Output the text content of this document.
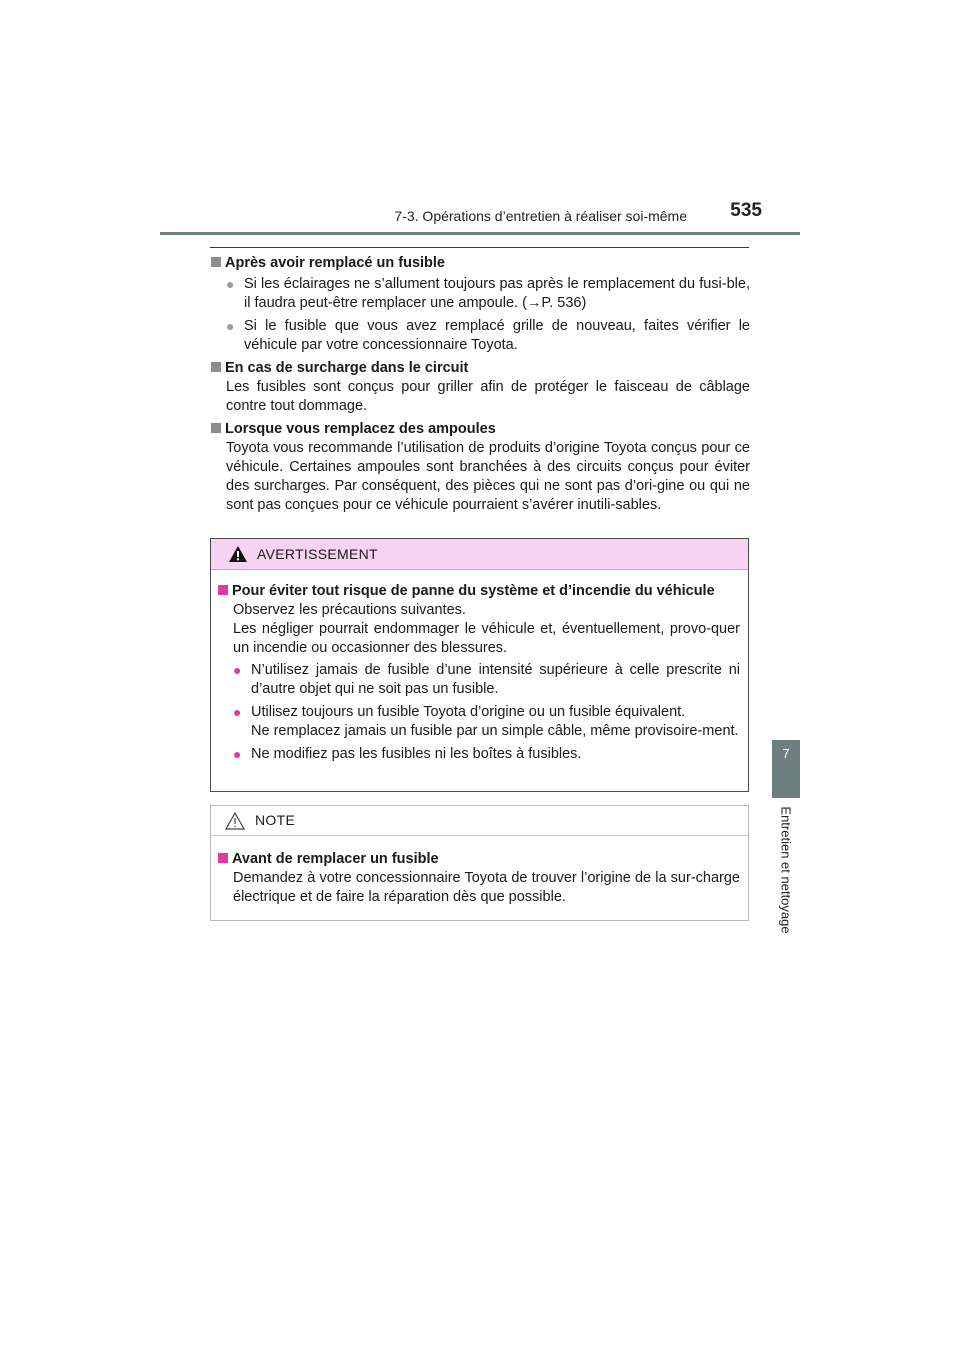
7-3. Opérations d’entretien à réaliser soi-même	535
7
Entretien et nettoyage
Après avoir remplacé un fusible
● Si les éclairages ne s’allument toujours pas après le remplacement du fusi-ble, il faudra peut-être remplacer une ampoule. (→P. 536)
● Si le fusible que vous avez remplacé grille de nouveau, faites vérifier le véhicule par votre concessionnaire Toyota.
En cas de surcharge dans le circuit
Les fusibles sont conçus pour griller afin de protéger le faisceau de câblage contre tout dommage.
Lorsque vous remplacez des ampoules
Toyota vous recommande l’utilisation de produits d’origine Toyota conçus pour ce véhicule. Certaines ampoules sont branchées à des circuits conçus pour éviter des surcharges. Par conséquent, des pièces qui ne sont pas d’ori-gine ou qui ne sont pas conçues pour ce véhicule pourraient s’avérer inutili-sables.
AVERTISSEMENT
Pour éviter tout risque de panne du système et d’incendie du véhicule
Observez les précautions suivantes.
Les négliger pourrait endommager le véhicule et, éventuellement, provo-quer un incendie ou occasionner des blessures.
● N’utilisez jamais de fusible d’une intensité supérieure à celle prescrite ni d’autre objet qui ne soit pas un fusible.
● Utilisez toujours un fusible Toyota d’origine ou un fusible équivalent.
Ne remplacez jamais un fusible par un simple câble, même provisoire-ment.
● Ne modifiez pas les fusibles ni les boîtes à fusibles.
NOTE
Avant de remplacer un fusible
Demandez à votre concessionnaire Toyota de trouver l’origine de la sur-charge électrique et de faire la réparation dès que possible.
